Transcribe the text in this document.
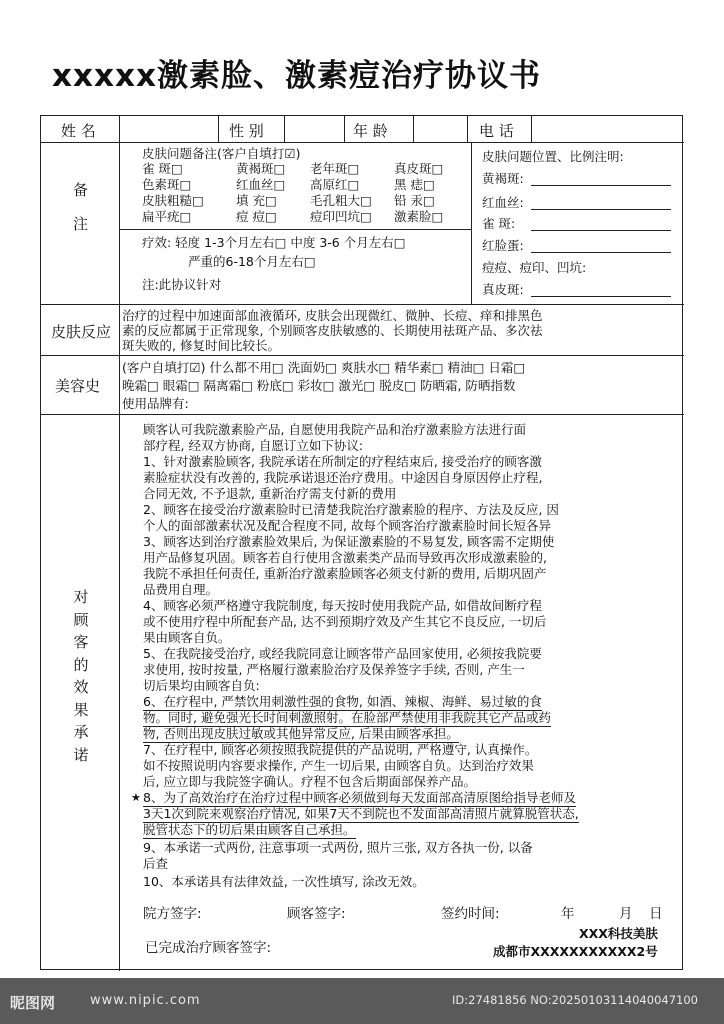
xxxxx激素脸、激素痘治疗协议书
姓 名	性 别	年 龄	电 话
备
注
皮肤问题备注(客户自填打☑)
雀 斑□	黄褐斑□ 老年斑□	真皮斑□
色素斑□	红血丝□ 高原红□	黑 痣□
皮肤粗糙□	填 充□	毛孔粗大□ 铅 汞□
扁平疣□	痘 痘□	痘印凹坑□ 激素脸□
疗效: 轻度 1-3个月左右□ 中度 3-6 个月左右□
严重的6-18个月左右□
注:此协议针对
皮肤问题位置、比例注明:
黄褐斑:
红血丝:
雀 斑:
红脸蛋:
痘痘、痘印、凹坑:
真皮斑:
皮肤反应
治疗的过程中加速面部血液循环, 皮肤会出现微红、微肿、长痘、痒和排黑色
素的反应都属于正常现象, 个别顾客皮肤敏感的、长期使用祛斑产品、多次祛
斑失败的, 修复时间比较长。
美容史
(客户自填打☑) 什么都不用□ 洗面奶□ 爽肤水□ 精华素□ 精油□ 日霜□
晚霜□ 眼霜□ 隔离霜□ 粉底□ 彩妆□ 激光□ 脱皮□ 防晒霜, 防晒指数
使用品牌有:
对
顾
客
的
效
果
承
诺
顾客认可我院激素脸产品, 自愿使用我院产品和治疗激素脸方法进行面
部疗程, 经双方协商, 自愿订立如下协议:
1、针对激素脸顾客, 我院承诺在所制定的疗程结束后, 接受治疗的顾客激
素脸症状没有改善的, 我院承诺退还治疗费用。中途因自身原因停止疗程,
合同无效, 不予退款, 重新治疗需支付新的费用
2、顾客在接受治疗激素脸时已清楚我院治疗激素脸的程序、方法及反应, 因
个人的面部激素状况及配合程度不同, 故每个顾客治疗激素脸时间长短各异
3、顾客达到治疗激素脸效果后, 为保证激素脸的不易复发, 顾客需不定期使
用产品修复巩固。顾客若自行使用含激素类产品而导致再次形成激素脸的,
我院不承担任何责任, 重新治疗激素脸顾客必须支付新的费用, 后期巩固产
品费用自理。
4、顾客必须严格遵守我院制度, 每天按时使用我院产品, 如借故间断疗程
或不使用疗程中所配套产品, 达不到预期疗效及产生其它不良反应, 一切后
果由顾客自负。
5、在我院接受治疗, 或经我院同意让顾客带产品回家使用, 必须按我院要
求使用, 按时按量, 严格履行激素脸治疗及保养签字手续, 否则, 产生一
切后果均由顾客自负:
6、在疗程中, 严禁饮用刺激性强的食物, 如酒、辣椒、海鲜、易过敏的食
物。同时, 避免强光长时间刺激照射。在脸部严禁使用非我院其它产品或药
物, 否则出现皮肤过敏或其他异常反应, 后果由顾客承担。
7、在疗程中, 顾客必须按照我院提供的产品说明, 严格遵守, 认真操作。
如不按照说明内容要求操作, 产生一切后果, 由顾客自负。达到治疗效果
后, 应立即与我院签字确认。疗程不包含后期面部保养产品。
★ 8、为了高效治疗在治疗过程中顾客必须做到每天发面部高清原图给指导老师及
3天1次到院来观察治疗情况, 如果7天不到院也不发面部高清照片就算脱管状态,
脱管状态下的切后果由顾客自己承担。
9、本承诺一式两份, 注意事项一式两份, 照片三张, 双方各执一份, 以备
后查
10、本承诺具有法律效益, 一次性填写, 涂改无效。
院方签字:	顾客签字:	签约时间:	年	月 日
已完成治疗顾客签字:
XXX科技美肤
成都市XXXXXXXXXXX2号
昵图网	www.nipic.com	ID:27481856 NO:20250103114040047100
